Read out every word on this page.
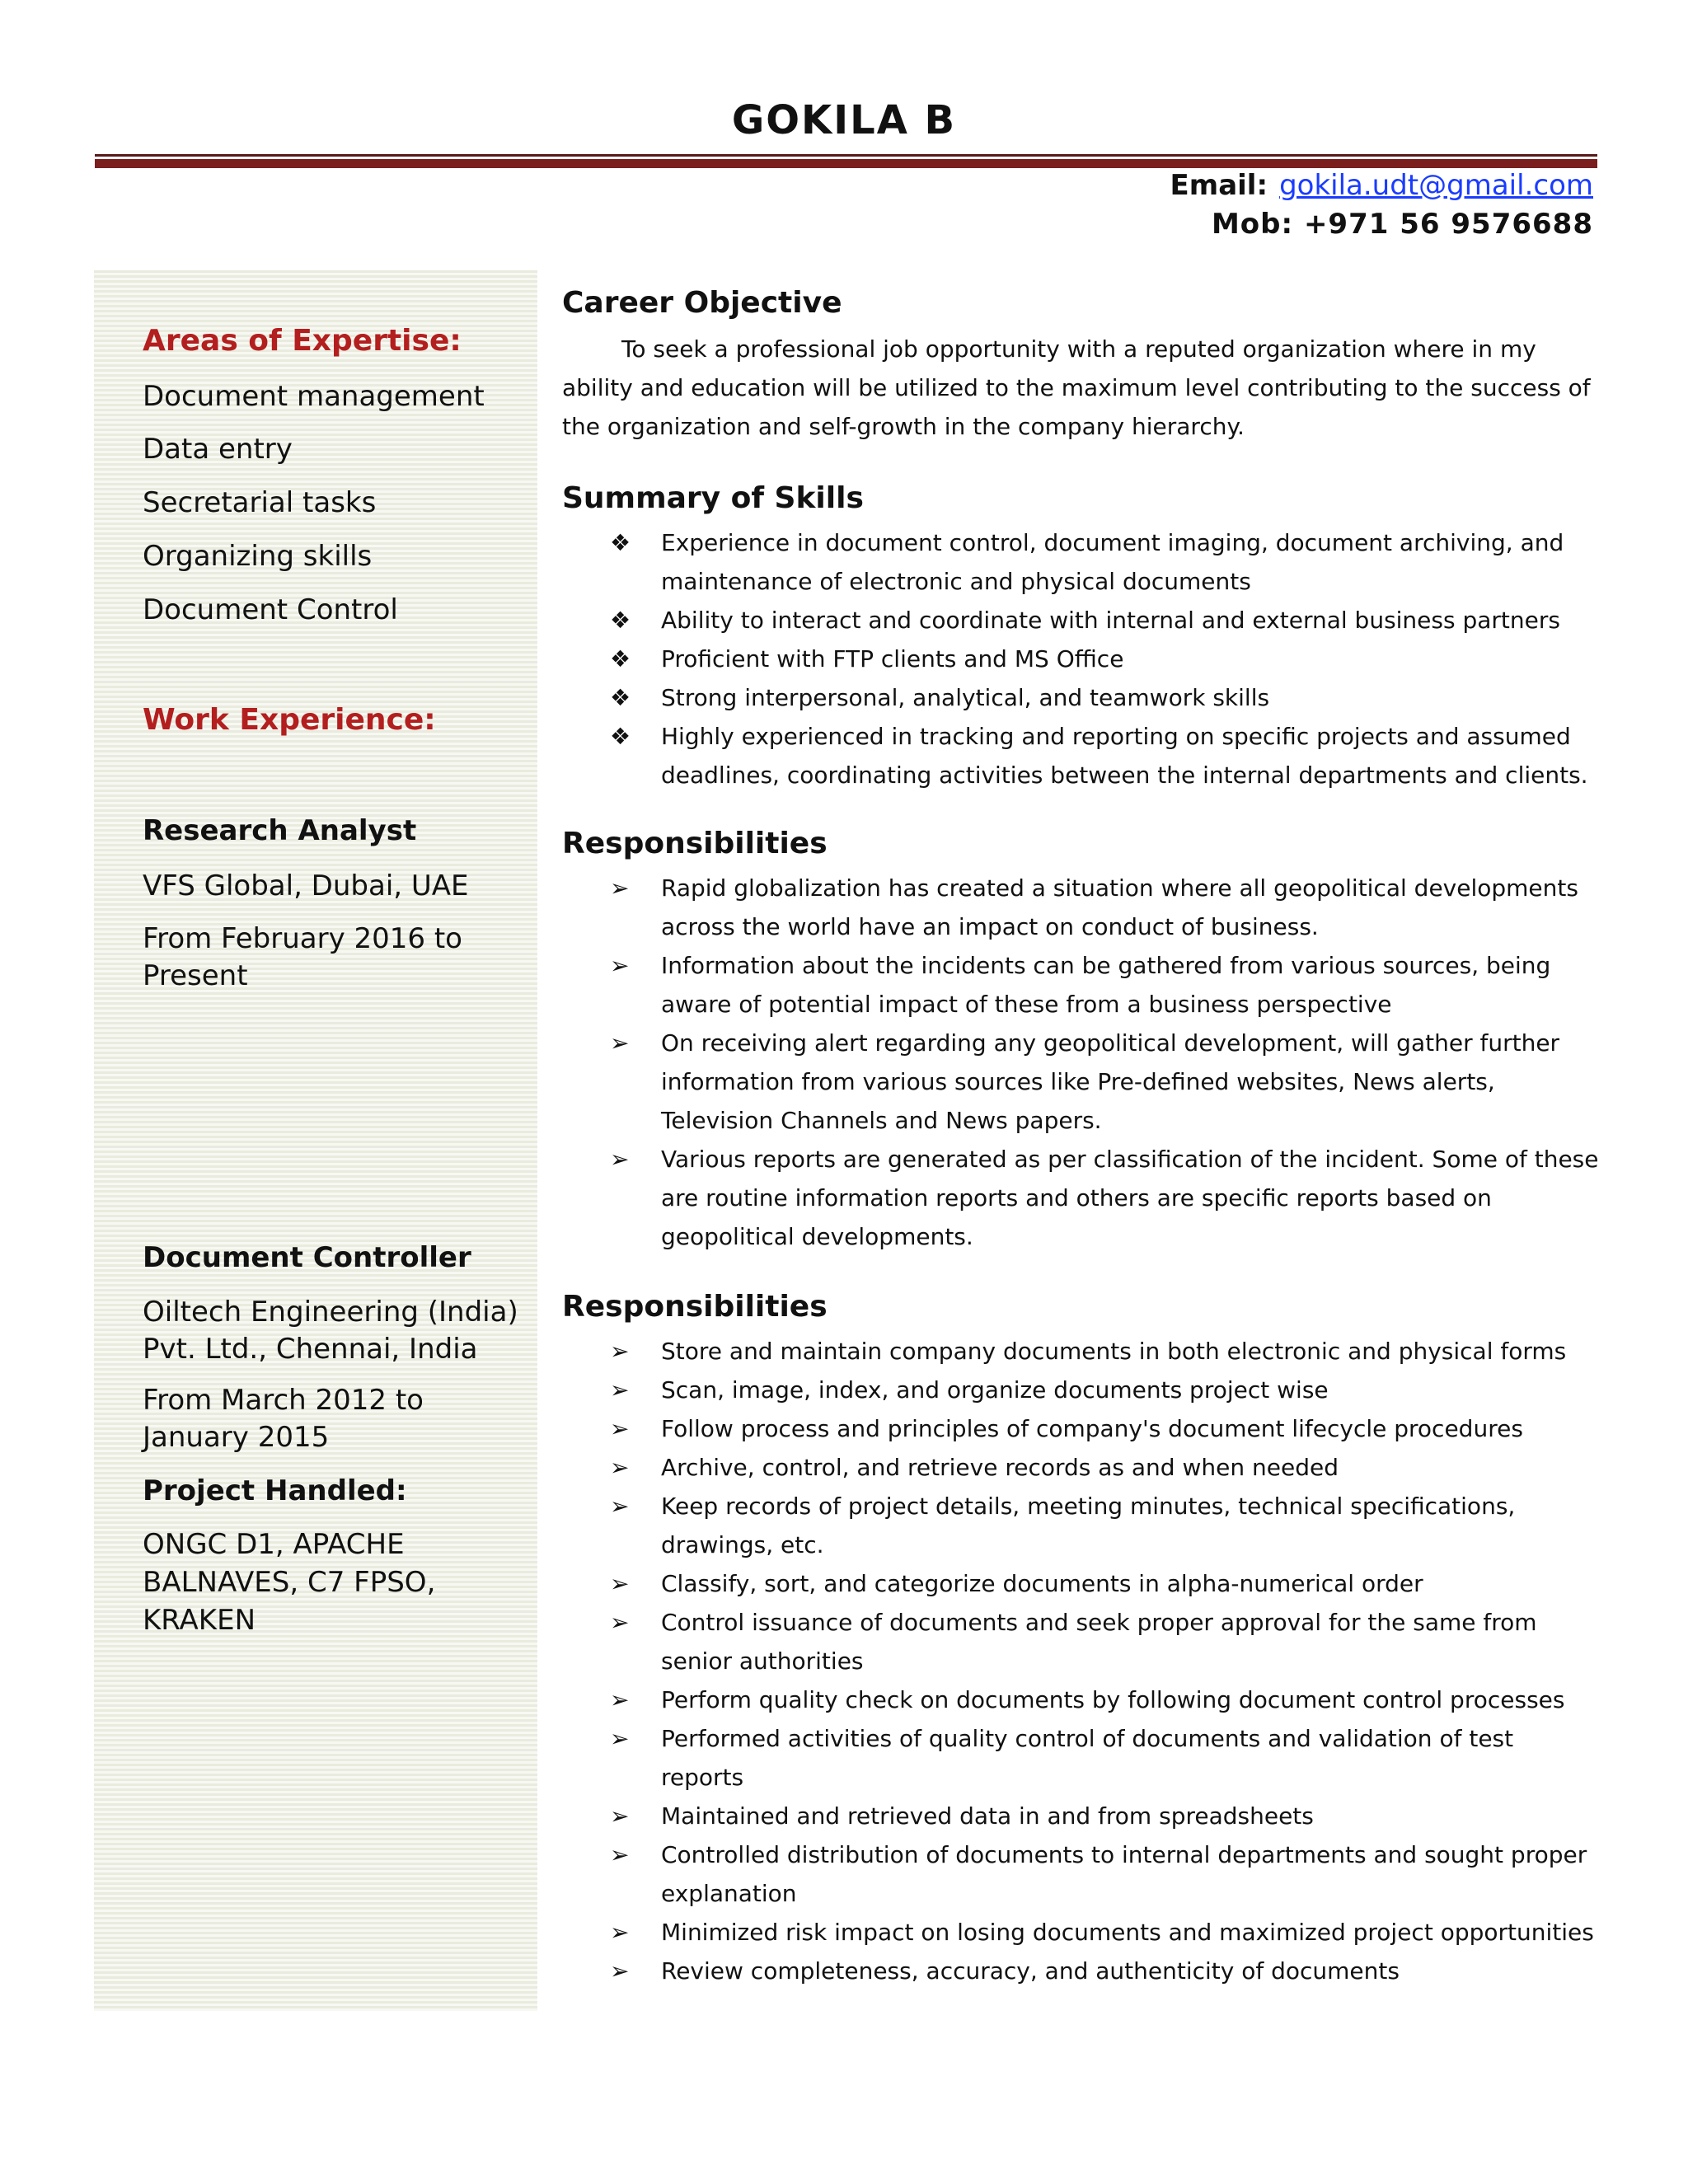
GOKILA B
Email: gokila.udt@gmail.com
Mob: +971 56 9576688
Areas of Expertise:
Document management
Data entry
Secretarial tasks
Organizing skills
Document Control
Work Experience:
Research Analyst
VFS Global, Dubai, UAE
From February 2016 to
Present
Document Controller
Oiltech Engineering (India)
Pvt. Ltd., Chennai, India
From March 2012 to
January 2015
Project Handled:
ONGC D1, APACHE
BALNAVES, C7 FPSO,
KRAKEN
Career Objective

To seek a professional job opportunity with a reputed organization where in my ability and education will be utilized to the maximum level contributing to the success of the organization and self-growth in the company hierarchy.

Summary of Skills
❖ Experience in document control, document imaging, document archiving, and maintenance of electronic and physical documents
❖ Ability to interact and coordinate with internal and external business partners
❖ Proficient with FTP clients and MS Office
❖ Strong interpersonal, analytical, and teamwork skills
❖ Highly experienced in tracking and reporting on specific projects and assumed deadlines, coordinating activities between the internal departments and clients.
Responsibilities
➢ Rapid globalization has created a situation where all geopolitical developments across the world have an impact on conduct of business.
➢ Information about the incidents can be gathered from various sources, being aware of potential impact of these from a business perspective
➢ On receiving alert regarding any geopolitical development, will gather further information from various sources like Pre-defined websites, News alerts, Television Channels and News papers.
➢ Various reports are generated as per classification of the incident. Some of these are routine information reports and others are specific reports based on geopolitical developments.
Responsibilities
➢ Store and maintain company documents in both electronic and physical forms
➢ Scan, image, index, and organize documents project wise
➢ Follow process and principles of company's document lifecycle procedures
➢ Archive, control, and retrieve records as and when needed
➢ Keep records of project details, meeting minutes, technical specifications, drawings, etc.
➢ Classify, sort, and categorize documents in alpha-numerical order
➢ Control issuance of documents and seek proper approval for the same from senior authorities
➢ Perform quality check on documents by following document control processes
➢ Performed activities of quality control of documents and validation of test reports
➢ Maintained and retrieved data in and from spreadsheets
➢ Controlled distribution of documents to internal departments and sought proper explanation
➢ Minimized risk impact on losing documents and maximized project opportunities
➢ Review completeness, accuracy, and authenticity of documents
